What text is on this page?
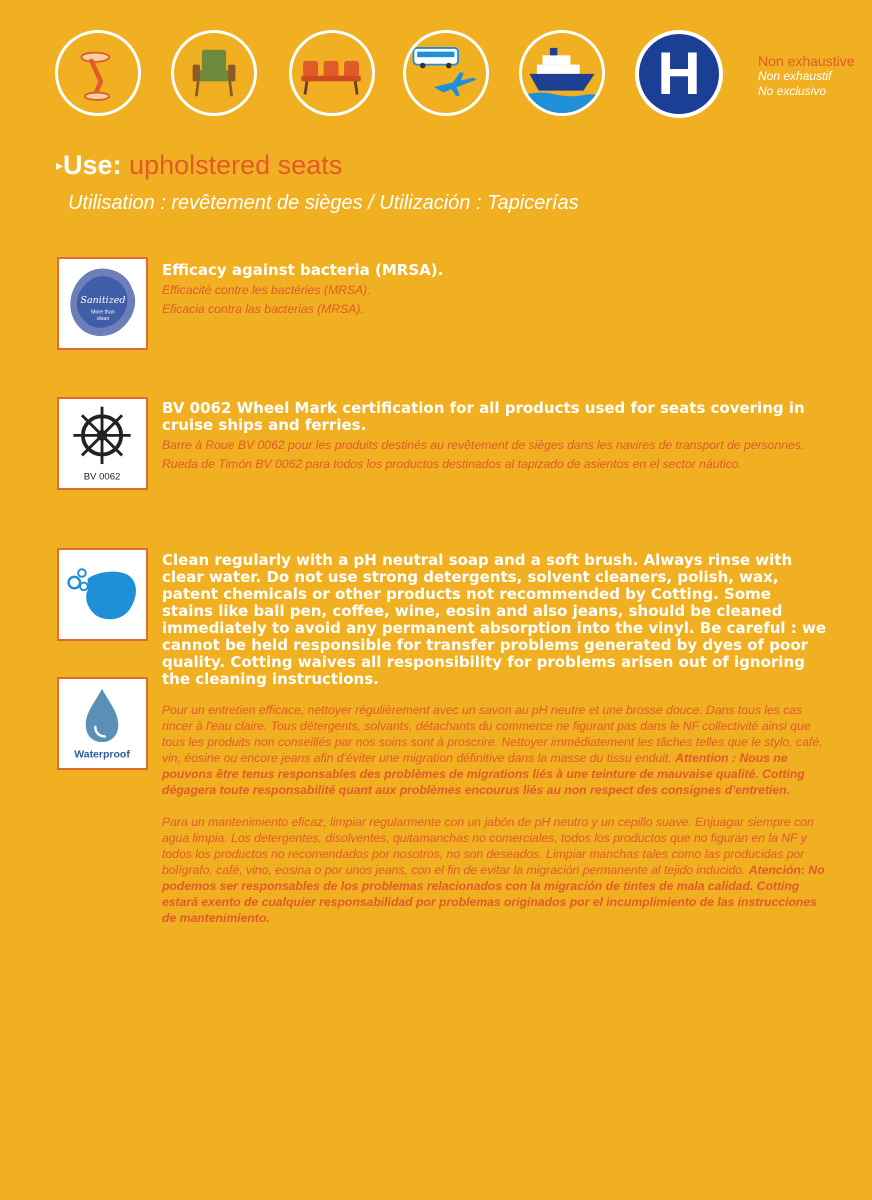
H	Non exhaustive
Non exhaustif
No exclusivo
▸Use: upholstered seats
Utilisation : revêtement de sièges / Utilización : Tapicerías
Sanitized
More than
clean

Efficacy against bacteria (MRSA).

Efficacité contre les bactéries (MRSA).

Eficacia contra las bacterias (MRSA).

BV 0062

BV 0062 Wheel Mark certification for all products used for seats covering in cruise ships and ferries.

Barre à Roue BV 0062 pour les produits destinés au revêtement de sièges dans les navires de transport de personnes.

Rueda de Timón BV 0062 para todos los productos destinados al tapizado de asientos en el sector náutico.

Waterproof

Clean regularly with a pH neutral soap and a soft brush. Always rinse with clear water. Do not use strong detergents, solvent cleaners, polish, wax, patent chemicals or other products not recommended by Cotting. Some stains like ball pen, coffee, wine, eosin and also jeans, should be cleaned immediately to avoid any permanent absorption into the vinyl. Be careful : we cannot be held responsible for transfer problems generated by dyes of poor quality. Cotting waives all responsibility for problems arisen out of ignoring the cleaning instructions.

Pour un entretien efficace, nettoyer régulièrement avec un savon au pH neutre et une brosse douce. Dans tous les cas rincer à l'eau claire. Tous détergents, solvants, détachants du commerce ne figurant pas dans le NF collectivité ainsi que tous les produits non conseillés par nos soins sont à proscrire. Nettoyer immédiatement les tâches telles que le stylo, café, vin, éosine ou encore jeans afin d'éviter une migration définitive dans la masse du tissu enduit. Attention : Nous ne pouvons être tenus responsables des problèmes de migrations liés à une teinture de mauvaise qualité. Cotting dégagera toute responsabilité quant aux problèmes encourus liés au non respect des consignes d'entretien.

Para un mantenimiento eficaz, limpiar regularmente con un jabón de pH neutro y un cepillo suave. Enjuagar siempre con agua limpia. Los detergentes, disolventes, quitamanchas no comerciales, todos los productos que no figuran en la NF y todos los productos no recomendados por nosotros, no son deseados. Limpiar manchas tales como las producidas por bolígrafo, café, vino, eosina o por unos jeans, con el fin de evitar la migración permanente al tejido inducido. Atención: No podemos ser responsables de los problemas relacionados con la migración de tintes de mala calidad. Cotting estará exento de cualquier responsabilidad por problemas originados por el incumplimiento de las instrucciones de mantenimiento.
